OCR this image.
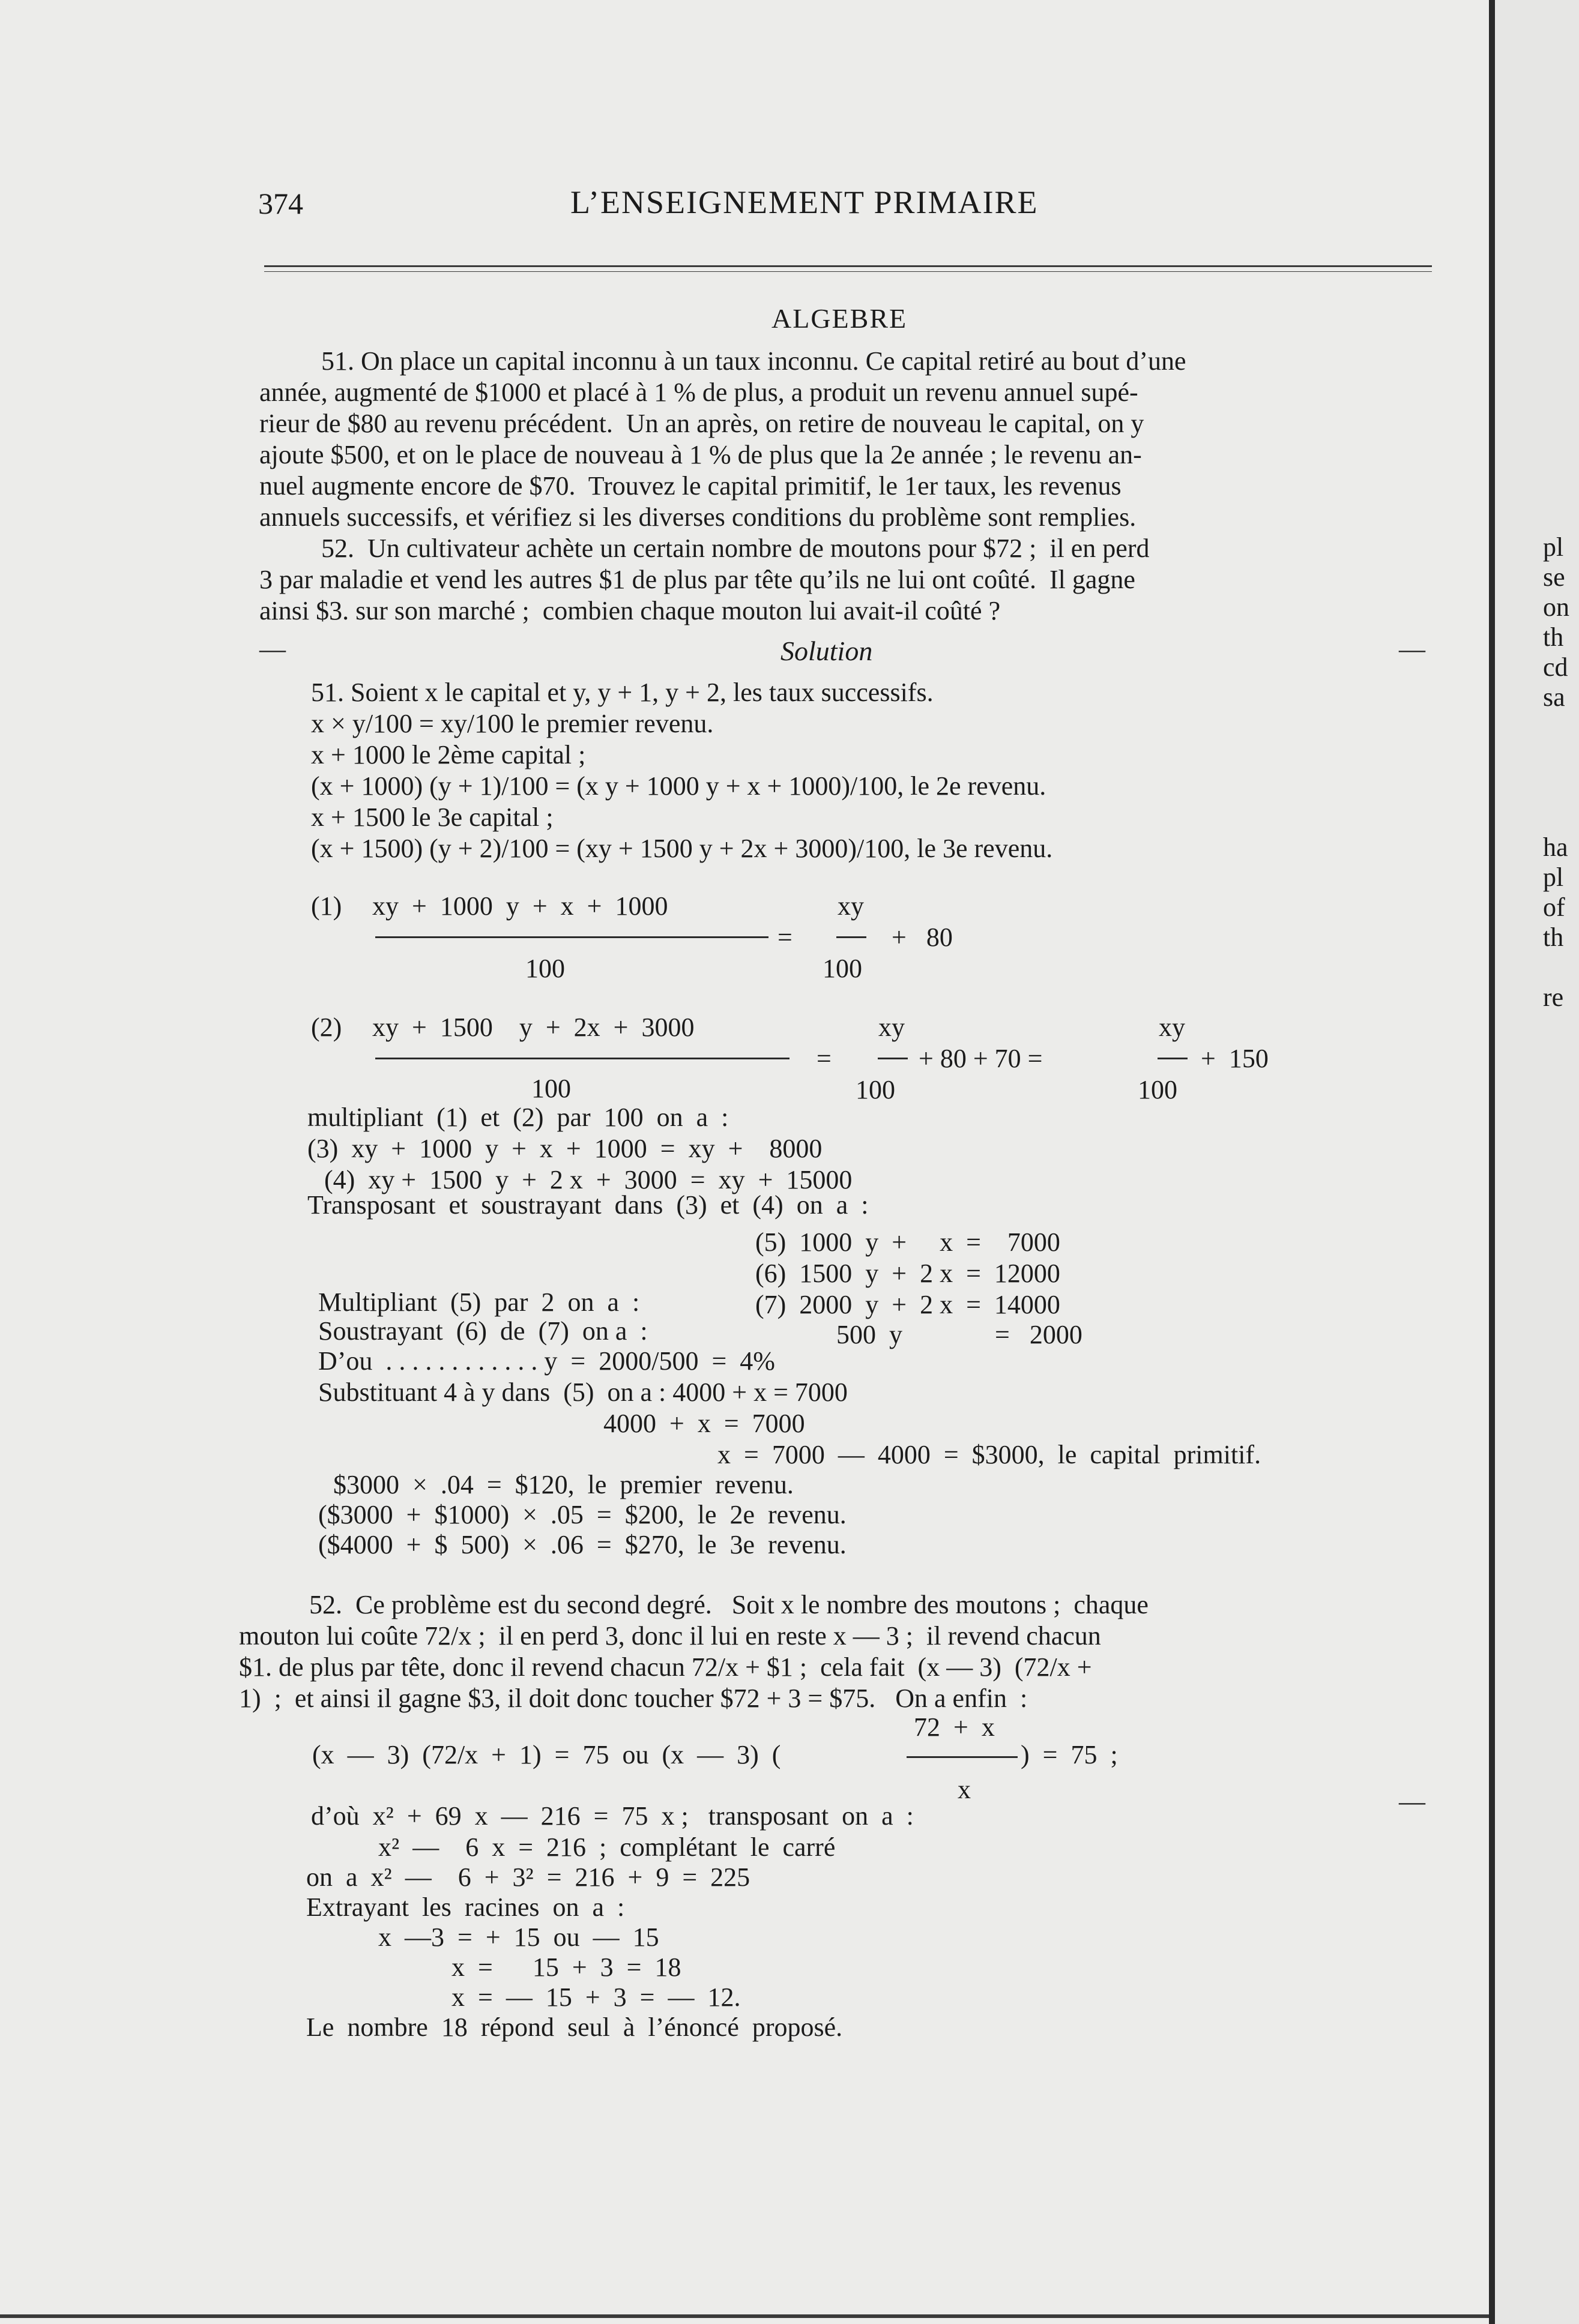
374	L’ENSEIGNEMENT PRIMAIRE
ALGEBRE
51. On place un capital inconnu à un taux inconnu. Ce capital retiré au bout d’une
année, augmenté de $1000 et placé à 1 % de plus, a produit un revenu annuel supé-
rieur de $80 au revenu précédent.  Un an après, on retire de nouveau le capital, on y
ajoute $500, et on le place de nouveau à 1 % de plus que la 2e année ; le revenu an-
nuel augmente encore de $70.  Trouvez le capital primitif, le 1er taux, les revenus
annuels successifs, et vérifiez si les diverses conditions du problème sont remplies.
52.  Un cultivateur achète un certain nombre de moutons pour $72 ;  il en perd
3 par maladie et vend les autres $1 de plus par tête qu’ils ne lui ont coûté.  Il gagne
ainsi $3. sur son marché ;  combien chaque mouton lui avait-il coûté ?
—	Solution	—
51. Soient x le capital et y, y + 1, y + 2, les taux successifs.
x × y/100 = xy/100 le premier revenu.
x + 1000 le 2ème capital ;
(x + 1000) (y + 1)/100 = (x y + 1000 y + x + 1000)/100, le 2e revenu.
x + 1500 le 3e capital ;
(x + 1500) (y + 2)/100 = (xy + 1500 y + 2x + 3000)/100, le 3e revenu.
(1) xy  +  1000  y  +  x  +  1000
100
=
xy
100
+   80
(2) xy  +  1500    y  +  2x  +  3000
100
=
xy
100
+ 80 + 70 =
xy
100
+  150
multipliant  (1)  et  (2)  par  100  on  a  :
(3)  xy  +  1000  y  +  x  +  1000  =  xy  +    8000
(4)  xy +  1500  y  +  2 x  +  3000  =  xy  +  15000
Transposant  et  soustrayant  dans  (3)  et  (4)  on  a  :
(5)  1000  y  +     x  =    7000
(6)  1500  y  +  2 x  =  12000
(7)  2000  y  +  2 x  =  14000
500  y              =   2000
Multipliant  (5)  par  2  on  a  :
Soustrayant  (6)  de  (7)  on a  :
D’ou  . . . . . . . . . . . . y  =  2000/500  =  4%
Substituant 4 à y dans  (5)  on a : 4000 + x = 7000
4000  +  x  =  7000
x  =  7000  —  4000  =  $3000,  le  capital  primitif.
$3000  ×  .04  =  $120,  le  premier  revenu.
($3000  +  $1000)  ×  .05  =  $200,  le  2e  revenu.
($4000  +  $  500)  ×  .06  =  $270,  le  3e  revenu.
52.  Ce problème est du second degré.   Soit x le nombre des moutons ;  chaque
mouton lui coûte 72/x ;  il en perd 3, donc il lui en reste x — 3 ;  il revend chacun
$1. de plus par tête, donc il revend chacun 72/x + $1 ;  cela fait  (x — 3)  (72/x +
1)  ;  et ainsi il gagne $3, il doit donc toucher $72 + 3 = $75.   On a enfin  :
(x  —  3)  (72/x  +  1)  =  75  ou  (x  —  3)  (
72  +  x
x
)  =  75  ;
d’où  x²  +  69  x  —  216  =  75  x ;   transposant  on  a  :
x²  —    6  x  =  216  ;  complétant  le  carré
on  a  x²  —    6  +  3²  =  216  +  9  =  225
Extrayant  les  racines  on  a  :
x  —3  =  +  15  ou  —  15
x  =      15  +  3  =  18
x  =  —  15  +  3  =  —  12.
Le  nombre  18  répond  seul  à  l’énoncé  proposé.
—
pl
se
on
th
cd
sa
ha
pl
of
th
re
